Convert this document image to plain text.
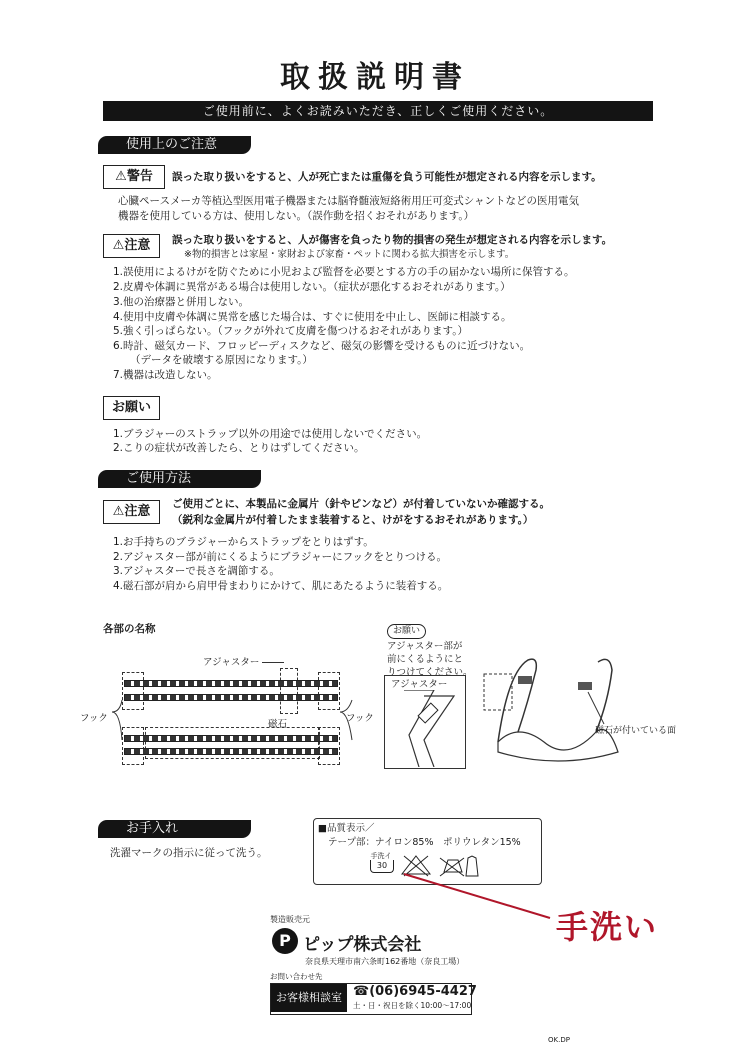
取扱説明書
ご使用前に、よくお読みいただき、正しくご使用ください。
使用上のご注意
⚠警告	誤った取り扱いをすると、人が死亡または重傷を負う可能性が想定される内容を示します。
心臓ペースメーカ等植込型医用電子機器または脳脊髄液短絡術用圧可変式シャントなどの医用電気
機器を使用している方は、使用しない。（誤作動を招くおそれがあります。）
⚠注意	誤った取り扱いをすると、人が傷害を負ったり物的損害の発生が想定される内容を示します。
※物的損害とは家屋・家財および家畜・ペットに関わる拡大損害を示します。
1.誤使用によるけがを防ぐために小児および監督を必要とする方の手の届かない場所に保管する。
2.皮膚や体調に異常がある場合は使用しない。（症状が悪化するおそれがあります。）
3.他の治療器と併用しない。
4.使用中皮膚や体調に異常を感じた場合は、すぐに使用を中止し、医師に相談する。
5.強く引っぱらない。（フックが外れて皮膚を傷つけるおそれがあります。）
6.時計、磁気カード、フロッピーディスクなど、磁気の影響を受けるものに近づけない。
（データを破壊する原因になります。）
7.機器は改造しない。
お願い
1.ブラジャーのストラップ以外の用途では使用しないでください。
2.こりの症状が改善したら、とりはずしてください。
ご使用方法
⚠注意	ご使用ごとに、本製品に金属片（針やピンなど）が付着していないか確認する。
（鋭利な金属片が付着したまま装着すると、けがをするおそれがあります。）
1.お手持ちのブラジャーからストラップをとりはずす。
2.アジャスター部が前にくるようにブラジャーにフックをとりつける。
3.アジャスターで長さを調節する。
4.磁石部が肩から肩甲骨まわりにかけて、肌にあたるように装着する。
各部の名称
アジャスター
フック	フック
磁石
お願い
アジャスター部が
前にくるようにと
りつけてください。
アジャスター
磁石が付いている面
お手入れ
洗濯マークの指示に従って洗う。
■品質表示／
テープ部：ナイロン85%　ポリウレタン15%
手洗イ
30
手洗い
製造販売元
P ピップ株式会社
奈良県天理市南六条町162番地（奈良工場）
お問い合わせ先
お客様相談室 ☎(06)6945-4427
土・日・祝日を除く10:00〜17:00
OK.DP
